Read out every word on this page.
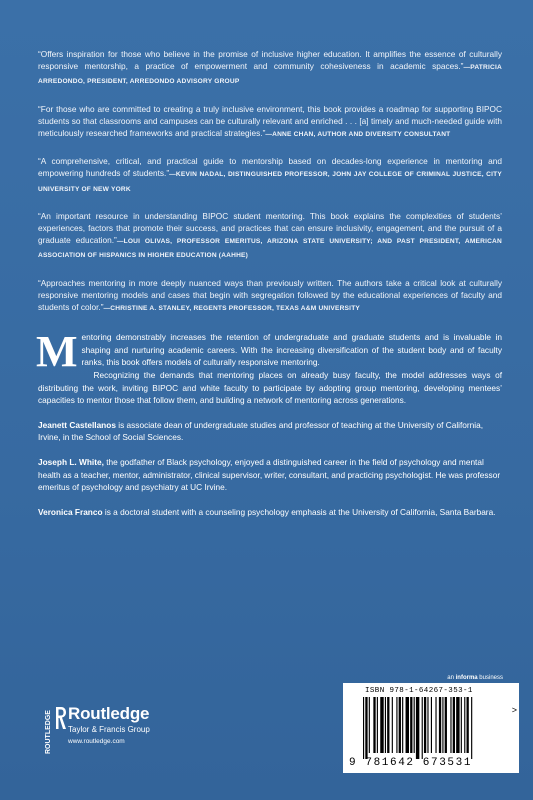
“Offers inspiration for those who believe in the promise of inclusive higher education. It amplifies the essence of culturally responsive mentorship, a practice of empowerment and community cohesiveness in academic spaces.”—PATRICIA ARREDONDO, PRESIDENT, ARREDONDO ADVISORY GROUP

“For those who are committed to creating a truly inclusive environment, this book provides a roadmap for supporting BIPOC students so that classrooms and campuses can be culturally relevant and enriched . . . [a] timely and much-needed guide with meticulously researched frameworks and practical strategies.”—ANNE CHAN, AUTHOR AND DIVERSITY CONSULTANT

“A comprehensive, critical, and practical guide to mentorship based on decades-long experience in mentoring and empowering hundreds of students.”—KEVIN NADAL, DISTINGUISHED PROFESSOR, JOHN JAY COLLEGE OF CRIMINAL JUSTICE, CITY UNIVERSITY OF NEW YORK

“An important resource in understanding BIPOC student mentoring. This book explains the complexities of students’ experiences, factors that promote their success, and practices that can ensure inclusivity, engagement, and the pursuit of a graduate education.”—LOUI OLIVAS, PROFESSOR EMERITUS, ARIZONA STATE UNIVERSITY; AND PAST PRESIDENT, AMERICAN ASSOCIATION OF HISPANICS IN HIGHER EDUCATION (AAHHE)

“Approaches mentoring in more deeply nuanced ways than previously written. The authors take a critical look at culturally responsive mentoring models and cases that begin with segregation followed by the educational experiences of faculty and students of color.”—CHRISTINE A. STANLEY, REGENTS PROFESSOR, TEXAS A&M UNIVERSITY

Mentoring demonstrably increases the retention of undergraduate and graduate students and is invaluable in shaping and nurturing academic careers. With the increasing diversification of the student body and of faculty ranks, this book offers models of culturally responsive mentoring.

Recognizing the demands that mentoring places on already busy faculty, the model addresses ways of distributing the work, inviting BIPOC and white faculty to participate by adopting group mentoring, developing mentees’ capacities to mentor those that follow them, and building a network of mentoring across generations.

Jeanett Castellanos is associate dean of undergraduate studies and professor of teaching at the University of California, Irvine, in the School of Social Sciences.

Joseph L. White, the godfather of Black psychology, enjoyed a distinguished career in the field of psychology and mental health as a teacher, mentor, administrator, clinical supervisor, writer, consultant, and practicing psychologist. He was professor emeritus of psychology and psychiatry at UC Irvine.

Veronica Franco is a doctoral student with a counseling psychology emphasis at the University of California, Santa Barbara.

ROUTLEDGE Routledge
Taylor & Francis Group
www.routledge.com
an informa business
ISBN 978-1-64267-353-1
>
9 781642 673531
